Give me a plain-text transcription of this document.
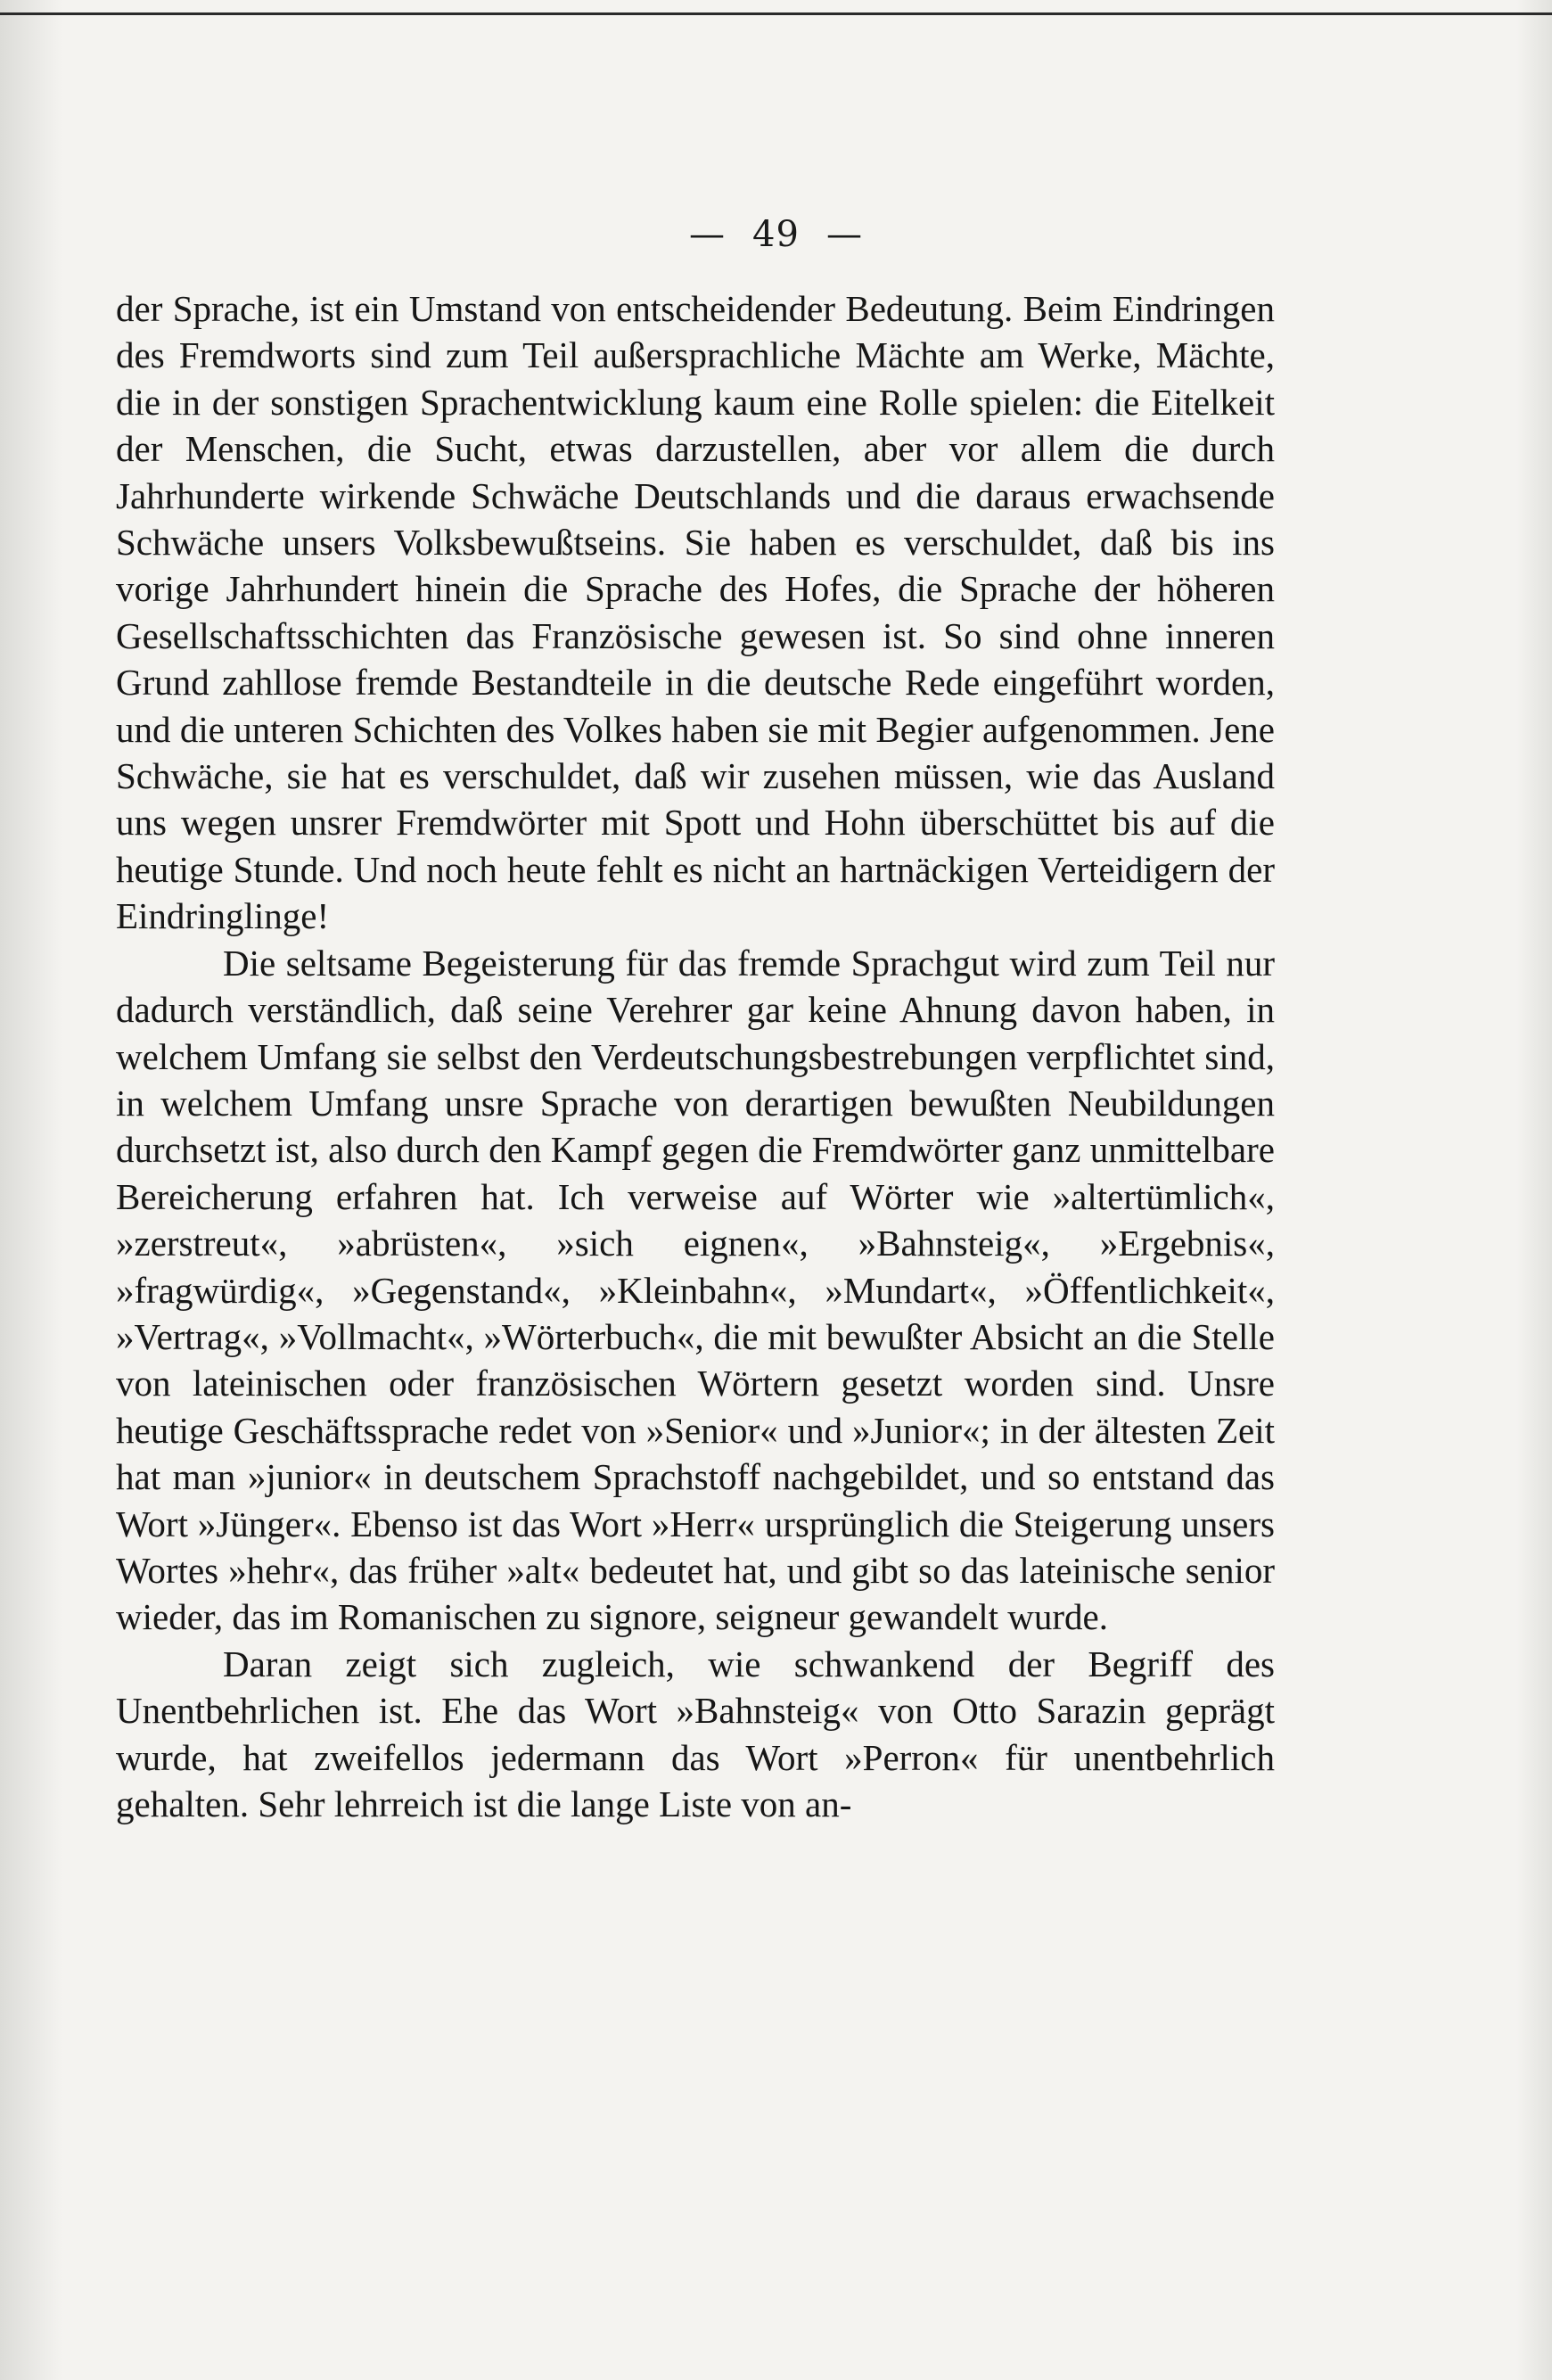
— 49 —

der Sprache, ist ein Umstand von entscheidender Bedeutung. Beim Eindringen des Fremdworts sind zum Teil außersprachliche Mächte am Werke, Mächte, die in der sonstigen Sprachentwicklung kaum eine Rolle spielen: die Eitelkeit der Menschen, die Sucht, etwas darzustellen, aber vor allem die durch Jahrhunderte wirkende Schwäche Deutschlands und die daraus erwachsende Schwäche unsers Volksbewußtseins. Sie haben es verschuldet, daß bis ins vorige Jahrhundert hinein die Sprache des Hofes, die Sprache der höheren Gesellschaftsschichten das Französische gewesen ist. So sind ohne inneren Grund zahllose fremde Bestandteile in die deutsche Rede eingeführt worden, und die unteren Schichten des Volkes haben sie mit Begier aufgenommen. Jene Schwäche, sie hat es verschuldet, daß wir zusehen müssen, wie das Ausland uns wegen unsrer Fremdwörter mit Spott und Hohn überschüttet bis auf die heutige Stunde. Und noch heute fehlt es nicht an hartnäckigen Verteidigern der Eindringlinge!

Die seltsame Begeisterung für das fremde Sprachgut wird zum Teil nur dadurch verständlich, daß seine Verehrer gar keine Ahnung davon haben, in welchem Umfang sie selbst den Verdeutschungsbestrebungen verpflichtet sind, in welchem Umfang unsre Sprache von derartigen bewußten Neubildungen durchsetzt ist, also durch den Kampf gegen die Fremdwörter ganz unmittelbare Bereicherung erfahren hat. Ich verweise auf Wörter wie »altertümlich«, »zerstreut«, »abrüsten«, »sich eignen«, »Bahnsteig«, »Ergebnis«, »fragwürdig«, »Gegenstand«, »Kleinbahn«, »Mundart«, »Öffentlichkeit«, »Vertrag«, »Vollmacht«, »Wörterbuch«, die mit bewußter Absicht an die Stelle von lateinischen oder französischen Wörtern gesetzt worden sind. Unsre heutige Geschäftssprache redet von »Senior« und »Junior«; in der ältesten Zeit hat man »junior« in deutschem Sprachstoff nachgebildet, und so entstand das Wort »Jünger«. Ebenso ist das Wort »Herr« ursprünglich die Steigerung unsers Wortes »hehr«, das früher »alt« bedeutet hat, und gibt so das lateinische senior wieder, das im Romanischen zu signore, seigneur gewandelt wurde.

Daran zeigt sich zugleich, wie schwankend der Begriff des Unentbehrlichen ist. Ehe das Wort »Bahnsteig« von Otto Sarazin geprägt wurde, hat zweifellos jedermann das Wort »Perron« für unentbehrlich gehalten. Sehr lehrreich ist die lange Liste von an-
